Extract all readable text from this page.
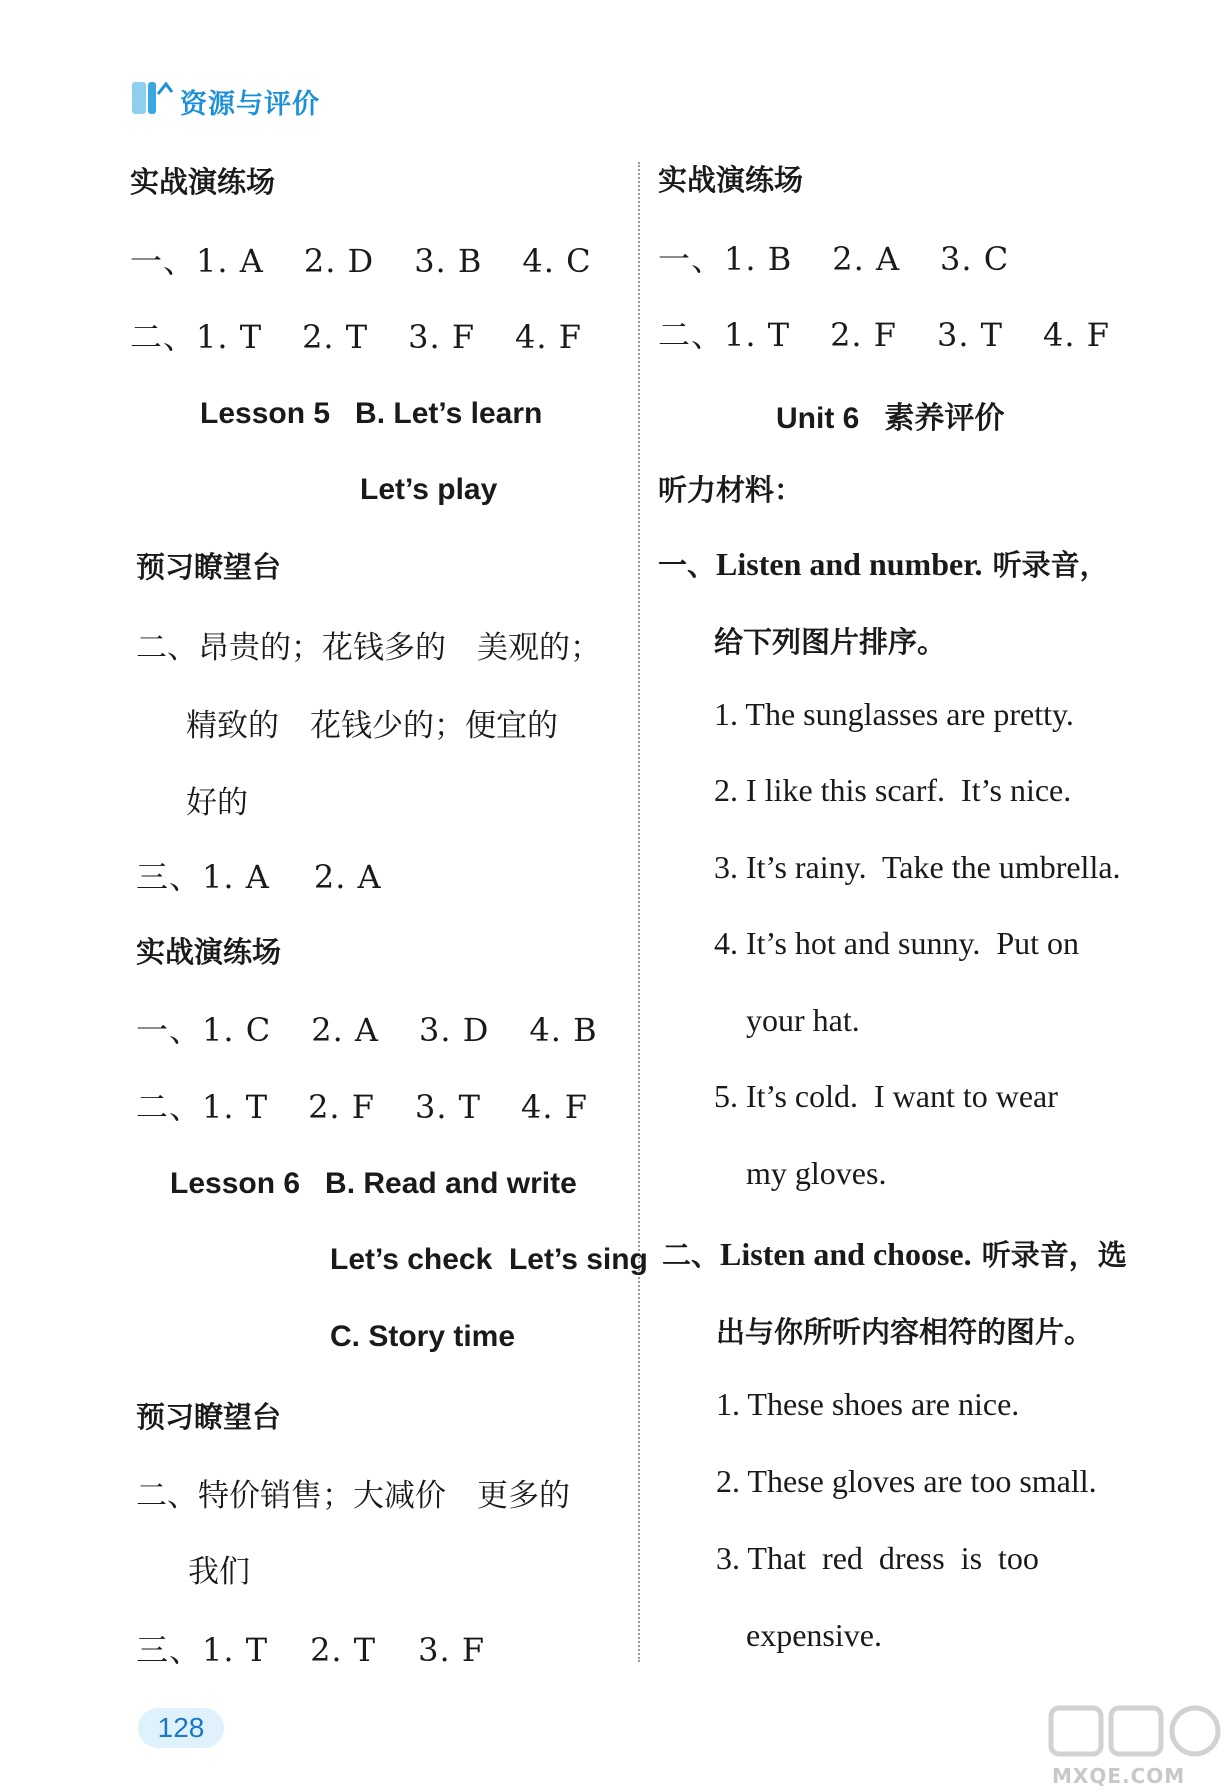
资源与评价
实战演练场
一、1. A 2. D 3. B 4. C
二、1. T 2. T 3. F 4. F
Lesson 5   B. Let’s learn
Let’s play
预习瞭望台
二、昂贵的；花钱多的　美观的；
精致的　花钱少的；便宜的
好的
三、1. A 2. A
实战演练场
一、1. C 2. A 3. D 4. B
二、1. T 2. F 3. T 4. F
Lesson 6   B. Read and write
Let’s check  Let’s sing
C. Story time
预习瞭望台
二、特价销售；大减价　更多的
我们
三、1. T 2. T 3. F
实战演练场
一、1. B 2. A 3. C
二、1. T 2. F 3. T 4. F
Unit 6   素养评价
听力材料：
一、Listen and number. 听录音，
给下列图片排序。
1. The sunglasses are pretty.
2. I like this scarf.  It’s nice.
3. It’s rainy.  Take the umbrella.
4. It’s hot and sunny.  Put on
your hat.
5. It’s cold.  I want to wear
my gloves.
二、Listen and choose. 听录音，选
出与你所听内容相符的图片。
1. These shoes are nice.
2. These gloves are too small.
3. That  red  dress  is  too
expensive.
128
MXQE.COM
